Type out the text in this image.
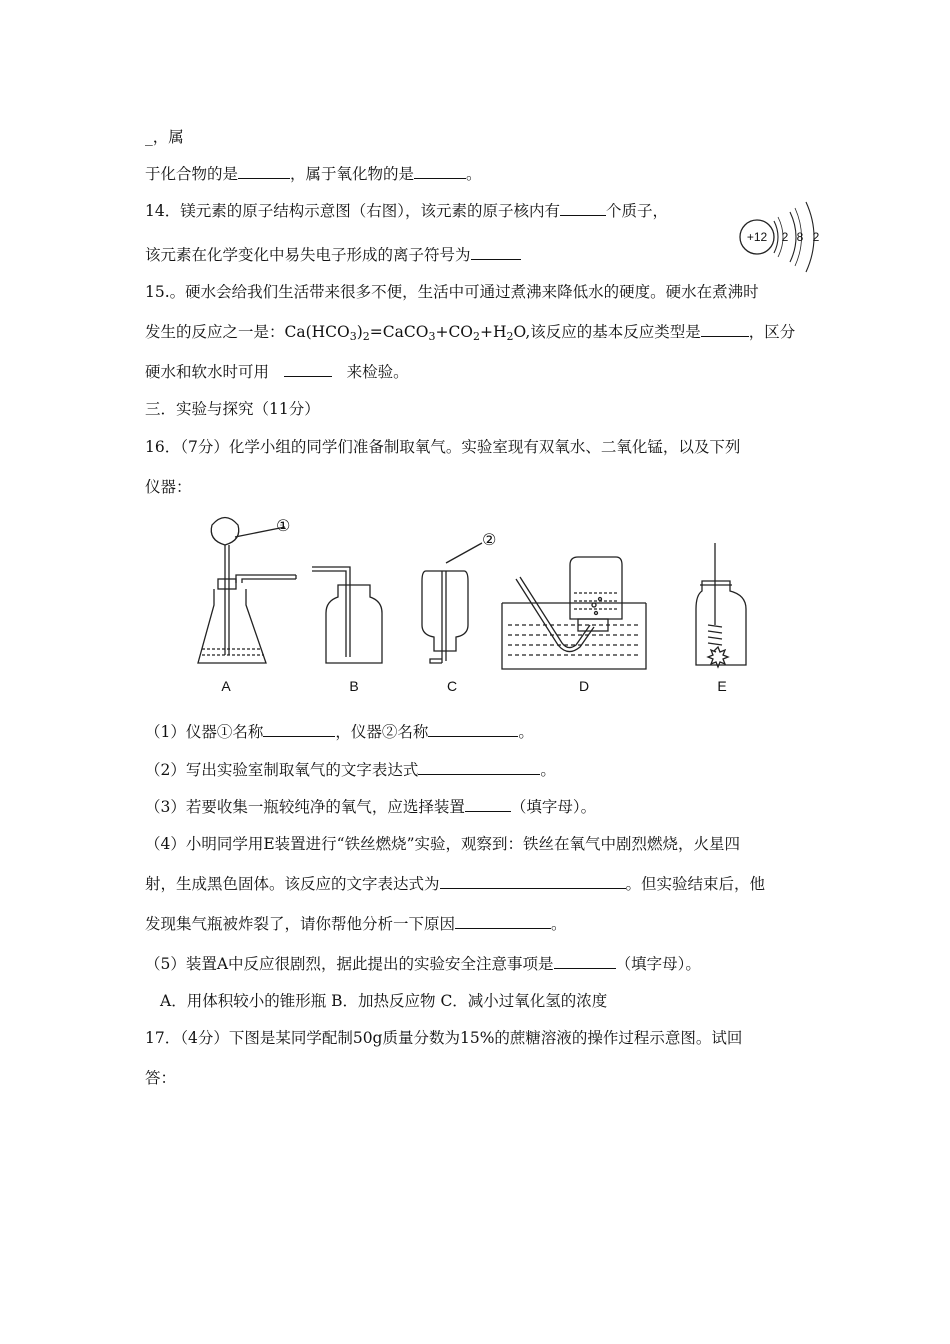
_，属
于化合物的是	，属于氧化物的是	。
14．镁元素的原子结构示意图（右图），该元素的原子核内有	个质子，
该元素在化学变化中易失电子形成的离子符号为
+12 2 8 2
15.。硬水会给我们生活带来很多不便，生活中可通过煮沸来降低水的硬度。硬水在煮沸时
发生的反应之一是：$Ca(HCO_3)_2=CaCO_3+CO_2+H_2O$,该反应的基本反应类型是	，区分
硬水和软水时可用	来检验。
三．实验与探究（11分）
16．（7分）化学小组的同学们准备制取氧气。实验室现有双氧水、二氧化锰，以及下列
仪器：
①
②
A	B	C	D	E
（1）仪器①名称	，仪器②名称	。
（2）写出实验室制取氧气的文字表达式	。
（3）若要收集一瓶较纯净的氧气，应选择装置	（填字母）。
（4）小明同学用E装置进行“铁丝燃烧”实验，观察到：铁丝在氧气中剧烈燃烧，火星四
射，生成黑色固体。该反应的文字表达式为	。但实验结束后，他
发现集气瓶被炸裂了，请你帮他分析一下原因	。
（5）装置A中反应很剧烈，据此提出的实验安全注意事项是	（填字母）。
A．用体积较小的锥形瓶 B．加热反应物 C．减小过氧化氢的浓度
17．（4分）下图是某同学配制50g质量分数为15%的蔗糖溶液的操作过程示意图。试回
答：
